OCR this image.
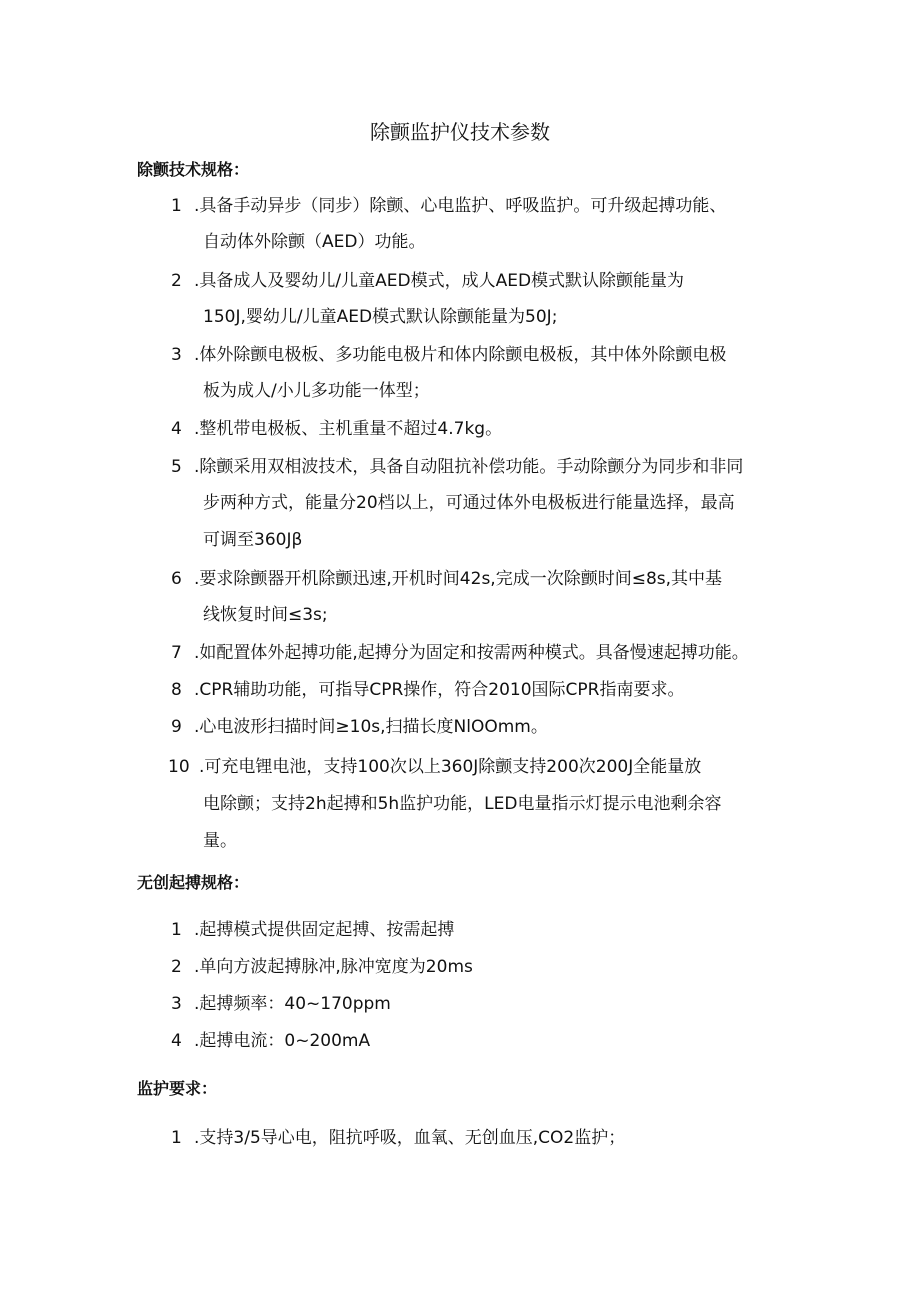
除颤监护仪技术参数
除颤技术规格：
1 .具备手动异步（同步）除颤、心电监护、呼吸监护。可升级起搏功能、
自动体外除颤（AED）功能。
2 .具备成人及婴幼儿/儿童AED模式，成人AED模式默认除颤能量为
150J,婴幼儿/儿童AED模式默认除颤能量为50J;
3 .体外除颤电极板、多功能电极片和体内除颤电极板，其中体外除颤电极
板为成人/小儿多功能一体型；
4 .整机带电极板、主机重量不超过4.7kg。
5 .除颤采用双相波技术，具备自动阻抗补偿功能。手动除颤分为同步和非同
步两种方式，能量分20档以上，可通过体外电极板进行能量选择，最高
可调至360Jβ
6 .要求除颤器开机除颤迅速,开机时间42s,完成一次除颤时间≤8s,其中基
线恢复时间≤3s;
7 .如配置体外起搏功能,起搏分为固定和按需两种模式。具备慢速起搏功能。
8 .CPR辅助功能，可指导CPR操作，符合2010国际CPR指南要求。
9 .心电波形扫描时间≥10s,扫描长度NlOOmm。
10 .可充电锂电池，支持100次以上360J除颤支持200次200J全能量放
电除颤；支持2h起搏和5h监护功能，LED电量指示灯提示电池剩余容
量。
无创起搏规格：
1 .起搏模式提供固定起搏、按需起搏
2 .单向方波起搏脉冲,脉冲宽度为20ms
3 .起搏频率：40~170ppm
4 .起搏电流：0~200mA
监护要求：
1 .支持3/5导心电，阻抗呼吸，血氧、无创血压,CO2监护；
